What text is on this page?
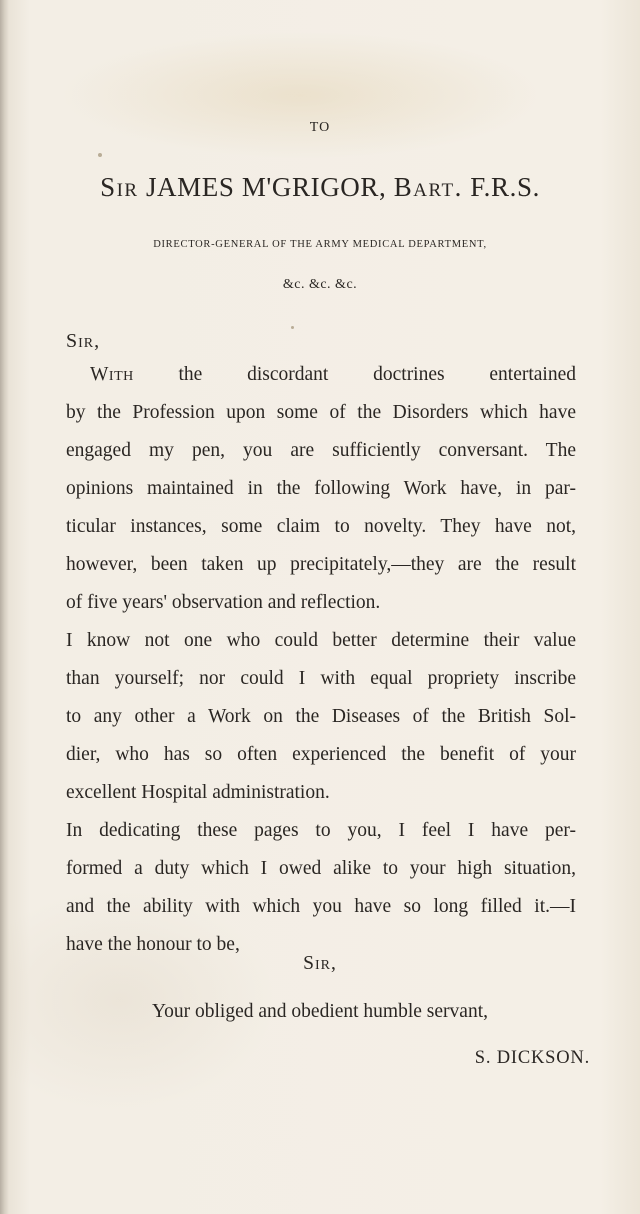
TO
Sir JAMES M'GRIGOR, Bart. F.R.S.
DIRECTOR-GENERAL OF THE ARMY MEDICAL DEPARTMENT,
&c. &c. &c.
Sir,
With the discordant doctrines entertained
by the Profession upon some of the Disorders which have
engaged my pen, you are sufficiently conversant. The
opinions maintained in the following Work have, in par-
ticular instances, some claim to novelty. They have not,
however, been taken up precipitately,—they are the result
of five years' observation and reflection.
I know not one who could better determine their value
than yourself; nor could I with equal propriety inscribe
to any other a Work on the Diseases of the British Sol-
dier, who has so often experienced the benefit of your
excellent Hospital administration.
In dedicating these pages to you, I feel I have per-
formed a duty which I owed alike to your high situation,
and the ability with which you have so long filled it.—I
have the honour to be,
Sir,
Your obliged and obedient humble servant,
S. DICKSON.
